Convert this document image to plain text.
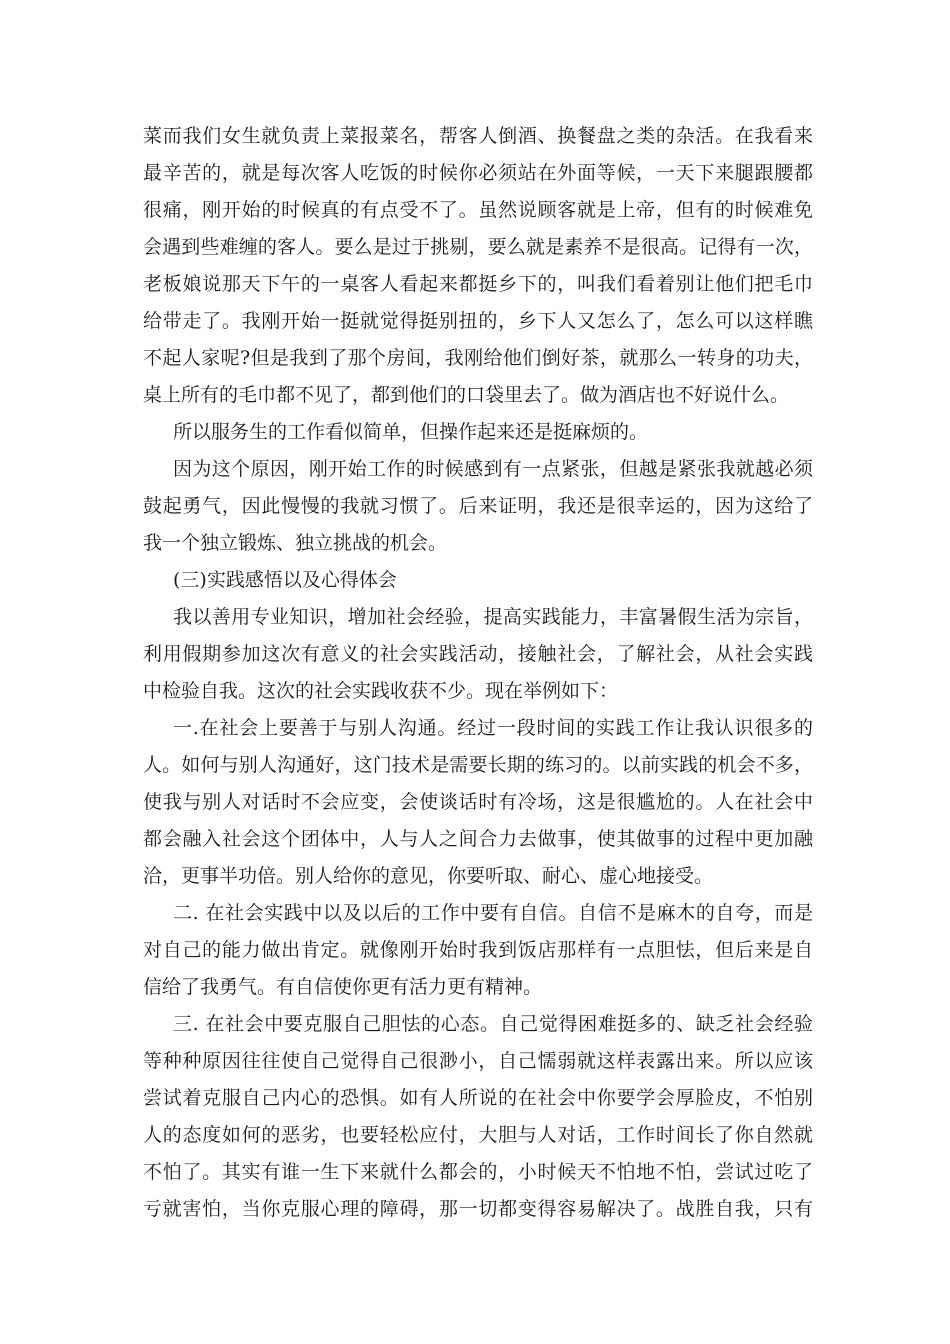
菜而我们女生就负责上菜报菜名，帮客人倒酒、换餐盘之类的杂活。在我看来
最辛苦的，就是每次客人吃饭的时候你必须站在外面等候，一天下来腿跟腰都
很痛，刚开始的时候真的有点受不了。虽然说顾客就是上帝，但有的时候难免
会遇到些难缠的客人。要么是过于挑剔，要么就是素养不是很高。记得有一次，
老板娘说那天下午的一桌客人看起来都挺乡下的，叫我们看着别让他们把毛巾
给带走了。我刚开始一挺就觉得挺别扭的，乡下人又怎么了，怎么可以这样瞧
不起人家呢?但是我到了那个房间，我刚给他们倒好茶，就那么一转身的功夫，
桌上所有的毛巾都不见了，都到他们的口袋里去了。做为酒店也不好说什么。
所以服务生的工作看似简单，但操作起来还是挺麻烦的。
因为这个原因，刚开始工作的时候感到有一点紧张，但越是紧张我就越必须
鼓起勇气，因此慢慢的我就习惯了。后来证明，我还是很幸运的，因为这给了
我一个独立锻炼、独立挑战的机会。
(三)实践感悟以及心得体会
我以善用专业知识，增加社会经验，提高实践能力，丰富暑假生活为宗旨，
利用假期参加这次有意义的社会实践活动，接触社会，了解社会，从社会实践
中检验自我。这次的社会实践收获不少。现在举例如下：
一.在社会上要善于与别人沟通。经过一段时间的实践工作让我认识很多的
人。如何与别人沟通好，这门技术是需要长期的练习的。以前实践的机会不多，
使我与别人对话时不会应变，会使谈话时有冷场，这是很尴尬的。人在社会中
都会融入社会这个团体中，人与人之间合力去做事，使其做事的过程中更加融
洽，更事半功倍。别人给你的意见，你要听取、耐心、虚心地接受。
二. 在社会实践中以及以后的工作中要有自信。自信不是麻木的自夸，而是
对自己的能力做出肯定。就像刚开始时我到饭店那样有一点胆怯，但后来是自
信给了我勇气。有自信使你更有活力更有精神。
三. 在社会中要克服自己胆怯的心态。自己觉得困难挺多的、缺乏社会经验
等种种原因往往使自己觉得自己很渺小，自己懦弱就这样表露出来。所以应该
尝试着克服自己内心的恐惧。如有人所说的在社会中你要学会厚脸皮，不怕别
人的态度如何的恶劣，也要轻松应付，大胆与人对话，工作时间长了你自然就
不怕了。其实有谁一生下来就什么都会的，小时候天不怕地不怕，尝试过吃了
亏就害怕，当你克服心理的障碍，那一切都变得容易解决了。战胜自我，只有
